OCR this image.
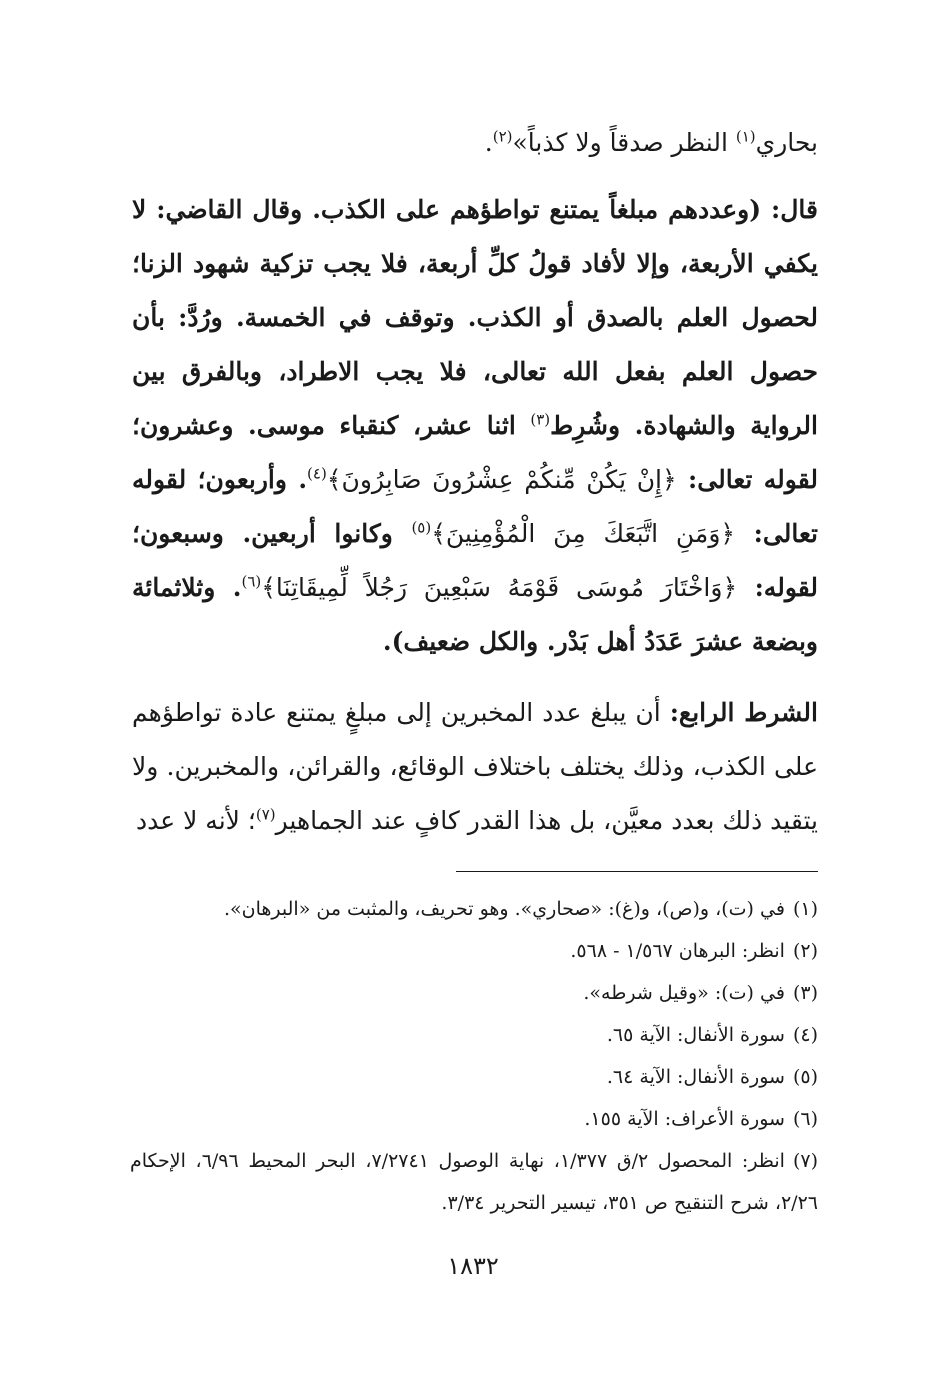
بحاري$^{(١)}$ النظر صدقاً ولا كذباً»$^{(٢)}$.

قال: (وعددهم مبلغاً يمتنع تواطؤهم على الكذب. وقال القاضي: لا يكفي الأربعة، وإلا لأفاد قولُ كلِّ أربعة، فلا يجب تزكية شهود الزنا؛ لحصول العلم بالصدق أو الكذب. وتوقف في الخمسة. ورُدَّ: بأن حصول العلم بفعل الله تعالى، فلا يجب الاطراد، وبالفرق بين الرواية والشهادة. وشُرِط$^{(٣)}$ اثنا عشر، كنقباء موسى. وعشرون؛ لقوله تعالى: ﴿إِنْ يَكُنْ مِّنكُمْ عِشْرُونَ صَابِرُونَ﴾$^{(٤)}$. وأربعون؛ لقوله تعالى: ﴿وَمَنِ اتَّبَعَكَ مِنَ الْمُؤْمِنِينَ﴾$^{(٥)}$ وكانوا أربعين. وسبعون؛ لقوله: ﴿وَاخْتَارَ مُوسَى قَوْمَهُ سَبْعِينَ رَجُلاً لِّمِيقَاتِنَا﴾$^{(٦)}$. وثلاثمائة وبضعة عشرَ عَدَدُ أهل بَدْر. والكل ضعيف).

الشرط الرابع: أن يبلغ عدد المخبرين إلى مبلغٍ يمتنع عادة تواطؤهم على الكذب، وذلك يختلف باختلاف الوقائع، والقرائن، والمخبرين. ولا يتقيد ذلك بعدد معيَّن، بل هذا القدر كافٍ عند الجماهير$^{(٧)}$؛ لأنه لا عدد

(١)في (ت)، و(ص)، و(غ): «صحاري». وهو تحريف، والمثبت من «البرهان».
(٢)انظر: البرهان ١/٥٦٧ - ٥٦٨.
(٣)في (ت): «وقيل شرطه».
(٤)سورة الأنفال: الآية ٦٥.
(٥)سورة الأنفال: الآية ٦٤.
(٦)سورة الأعراف: الآية ١٥٥.
(٧)انظر: المحصول ٢/ق ١/٣٧٧، نهاية الوصول ٧/٢٧٤١، البحر المحيط ٦/٩٦، الإحكام ٢/٢٦، شرح التنقيح ص ٣٥١، تيسير التحرير ٣/٣٤.
١٨٣٢
